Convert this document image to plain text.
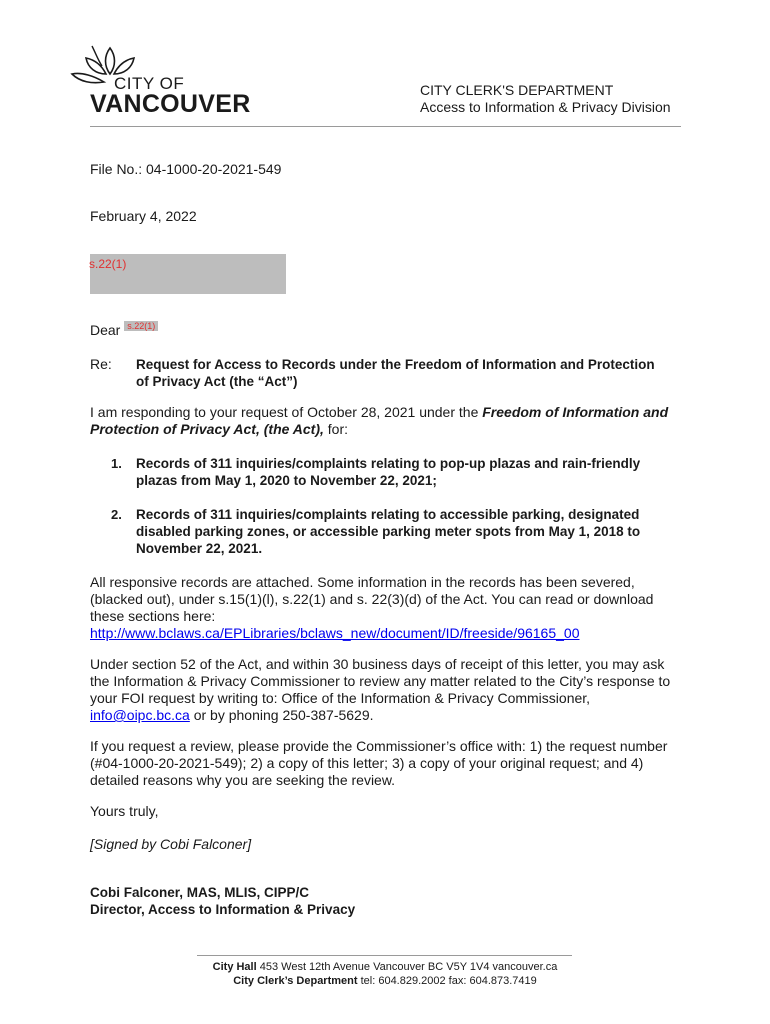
CITY OF
VANCOUVER	CITY CLERK'S DEPARTMENT
Access to Information & Privacy Division
File No.: 04-1000-20-2021-549
February 4, 2022
s.22(1)
Dear $^{s.22(1)}$
Re: Request for Access to Records under the Freedom of Information and Protection
of Privacy Act (the “Act”)
I am responding to your request of October 28, 2021 under the Freedom of Information and
Protection of Privacy Act, (the Act), for:
1. Records of 311 inquiries/complaints relating to pop-up plazas and rain-friendly
plazas from May 1, 2020 to November 22, 2021;
2. Records of 311 inquiries/complaints relating to accessible parking, designated
disabled parking zones, or accessible parking meter spots from May 1, 2018 to
November 22, 2021.
All responsive records are attached. Some information in the records has been severed,
(blacked out), under s.15(1)(l), s.22(1) and s. 22(3)(d) of the Act. You can read or download
these sections here:
http://www.bclaws.ca/EPLibraries/bclaws_new/document/ID/freeside/96165_00
Under section 52 of the Act, and within 30 business days of receipt of this letter, you may ask
the Information & Privacy Commissioner to review any matter related to the City’s response to
your FOI request by writing to: Office of the Information & Privacy Commissioner,
info@oipc.bc.ca or by phoning 250-387-5629.
If you request a review, please provide the Commissioner’s office with: 1) the request number
(#04-1000-20-2021-549); 2) a copy of this letter; 3) a copy of your original request; and 4)
detailed reasons why you are seeking the review.
Yours truly,
[Signed by Cobi Falconer]
Cobi Falconer, MAS, MLIS, CIPP/C
Director, Access to Information & Privacy
City Hall 453 West 12th Avenue Vancouver BC V5Y 1V4 vancouver.ca
City Clerk’s Department tel: 604.829.2002 fax: 604.873.7419
